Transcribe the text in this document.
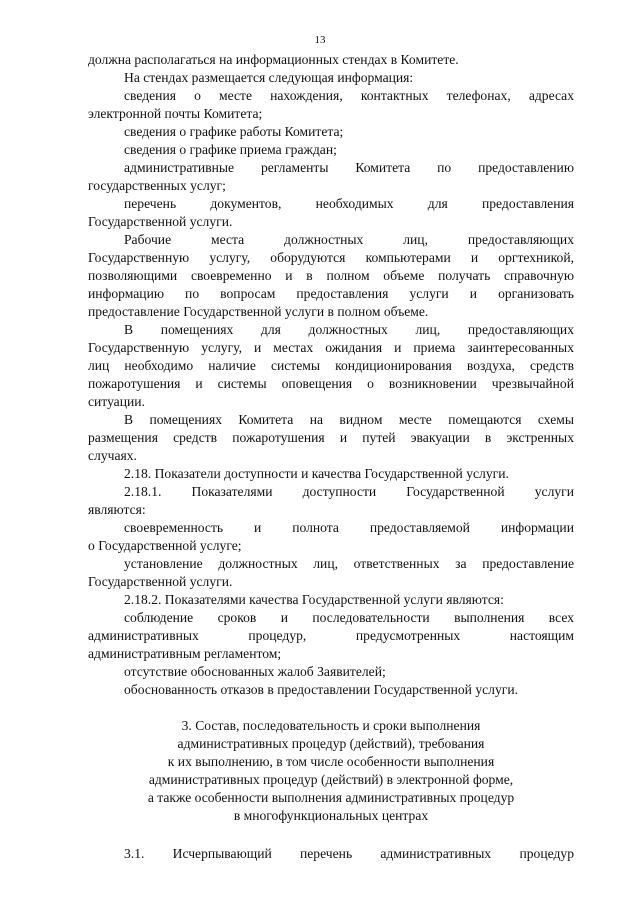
13
должна располагаться на информационных стендах в Комитете.
На стендах размещается следующая информация:
сведения о месте нахождения, контактных телефонах, адресах
электронной почты Комитета;
сведения о графике работы Комитета;
сведения о графике приема граждан;
административные регламенты Комитета по предоставлению
государственных услуг;
перечень документов, необходимых для предоставления
Государственной услуги.
Рабочие места должностных лиц, предоставляющих
Государственную услугу, оборудуются компьютерами и оргтехникой,
позволяющими своевременно и в полном объеме получать справочную
информацию по вопросам предоставления услуги и организовать
предоставление Государственной услуги в полном объеме.
В помещениях для должностных лиц, предоставляющих
Государственную услугу, и местах ожидания и приема заинтересованных
лиц необходимо наличие системы кондиционирования воздуха, средств
пожаротушения и системы оповещения о возникновении чрезвычайной
ситуации.
В помещениях Комитета на видном месте помещаются схемы
размещения средств пожаротушения и путей эвакуации в экстренных
случаях.
2.18. Показатели доступности и качества Государственной услуги.
2.18.1. Показателями доступности Государственной услуги
являются:
своевременность и полнота предоставляемой информации
о Государственной услуге;
установление должностных лиц, ответственных за предоставление
Государственной услуги.
2.18.2. Показателями качества Государственной услуги являются:
соблюдение сроков и последовательности выполнения всех
административных процедур, предусмотренных настоящим
административным регламентом;
отсутствие обоснованных жалоб Заявителей;
обоснованность отказов в предоставлении Государственной услуги.
3. Состав, последовательность и сроки выполнения
административных процедур (действий), требования
к их выполнению, в том числе особенности выполнения
административных процедур (действий) в электронной форме,
а также особенности выполнения административных процедур
в многофункциональных центрах
3.1. Исчерпывающий перечень административных процедур
